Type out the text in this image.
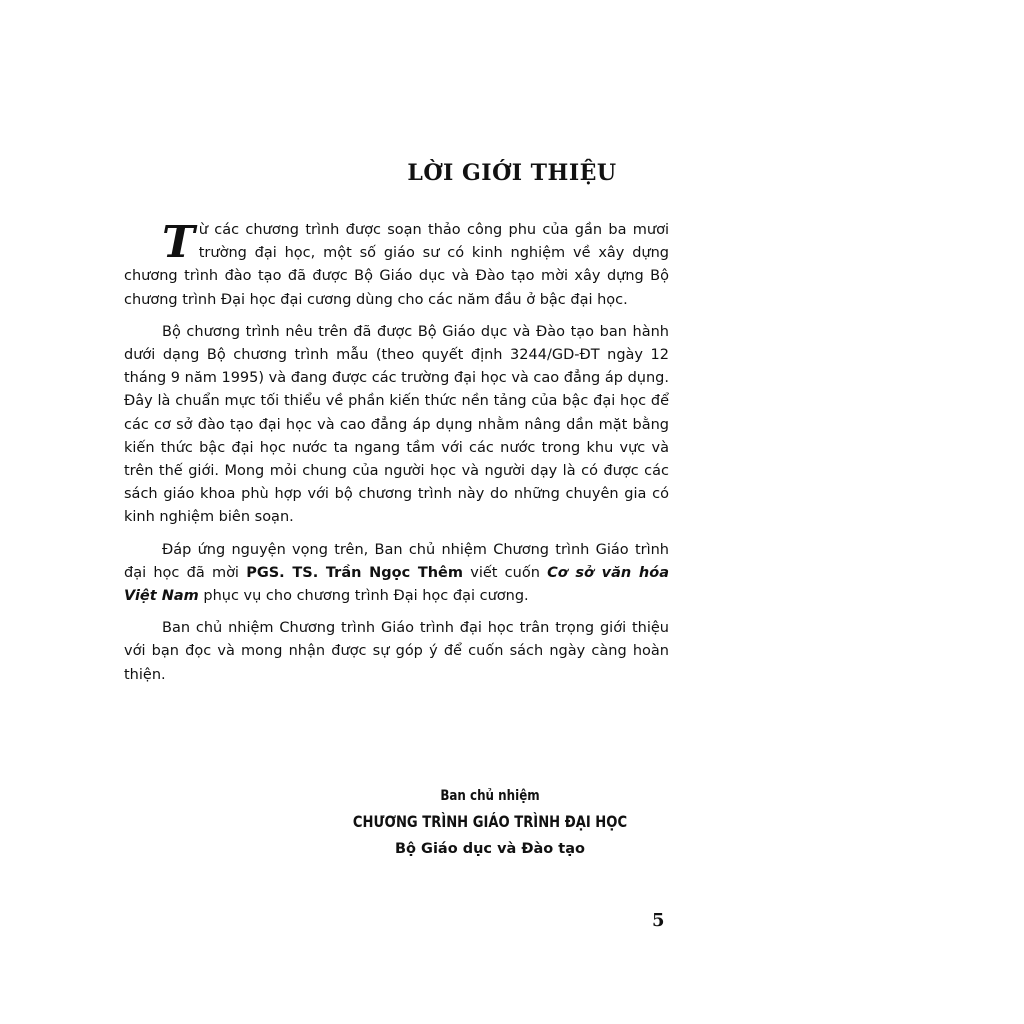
LỜI GIỚI THIỆU

Từ các chương trình được soạn thảo công phu của gần ba mươi trường đại học, một số giáo sư có kinh nghiệm về xây dựng chương trình đào tạo đã được Bộ Giáo dục và Đào tạo mời xây dựng Bộ chương trình Đại học đại cương dùng cho các năm đầu ở bậc đại học.

Bộ chương trình nêu trên đã được Bộ Giáo dục và Đào tạo ban hành dưới dạng Bộ chương trình mẫu (theo quyết định 3244/GD-ĐT ngày 12 tháng 9 năm 1995) và đang được các trường đại học và cao đẳng áp dụng. Đây là chuẩn mực tối thiểu về phần kiến thức nền tảng của bậc đại học để các cơ sở đào tạo đại học và cao đẳng áp dụng nhằm nâng dần mặt bằng kiến thức bậc đại học nước ta ngang tầm với các nước trong khu vực và trên thế giới. Mong mỏi chung của người học và người dạy là có được các sách giáo khoa phù hợp với bộ chương trình này do những chuyên gia có kinh nghiệm biên soạn.

Đáp ứng nguyện vọng trên, Ban chủ nhiệm Chương trình Giáo trình đại học đã mời PGS. TS. Trần Ngọc Thêm viết cuốn Cơ sở văn hóa Việt Nam phục vụ cho chương trình Đại học đại cương.

Ban chủ nhiệm Chương trình Giáo trình đại học trân trọng giới thiệu với bạn đọc và mong nhận được sự góp ý để cuốn sách ngày càng hoàn thiện.

Ban chủ nhiệm
CHƯƠNG TRÌNH GIÁO TRÌNH ĐẠI HỌC
Bộ Giáo dục và Đào tạo
5
